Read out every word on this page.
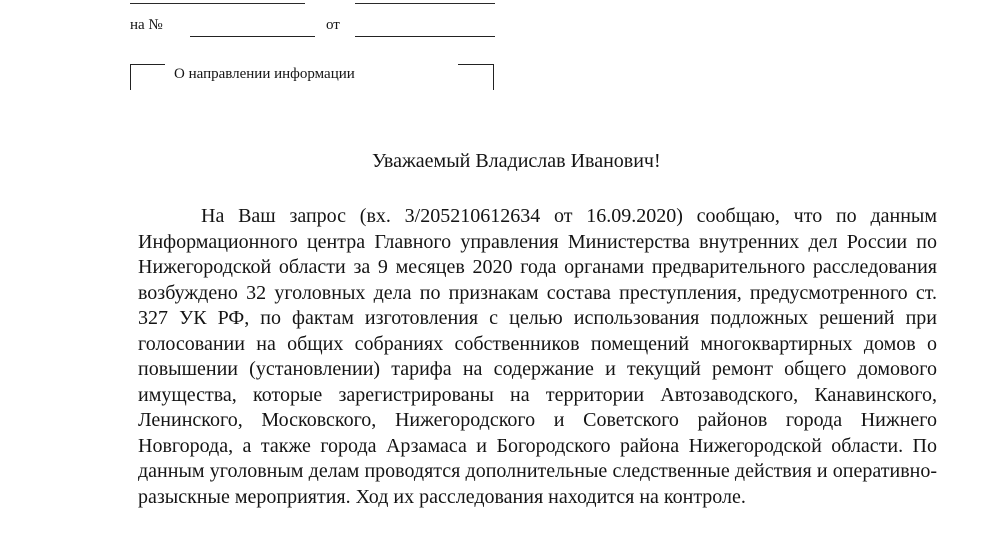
на №	от
О направлении информации
Уважаемый Владислав Иванович!

На Ваш запрос (вх. 3/205210612634 от 16.09.2020) сообщаю, что по данным Информационного центра Главного управления Министерства внутренних дел России по Нижегородской области за 9 месяцев 2020 года органами предварительного расследования возбуждено 32 уголовных дела по признакам состава преступления, предусмотренного ст. 327 УК РФ, по фактам изготовления с целью использования подложных решений при голосовании на общих собраниях собственников помещений многоквартирных домов о повышении (установлении) тарифа на содержание и текущий ремонт общего домового имущества, которые зарегистрированы на территории Автозаводского, Канавинского, Ленинского, Московского, Нижегородского и Советского районов города Нижнего Новгорода, а также города Арзамаса и Богородского района Нижегородской области. По данным уголовным делам проводятся дополнительные следственные действия и оперативно-разыскные мероприятия. Ход их расследования находится на контроле.
